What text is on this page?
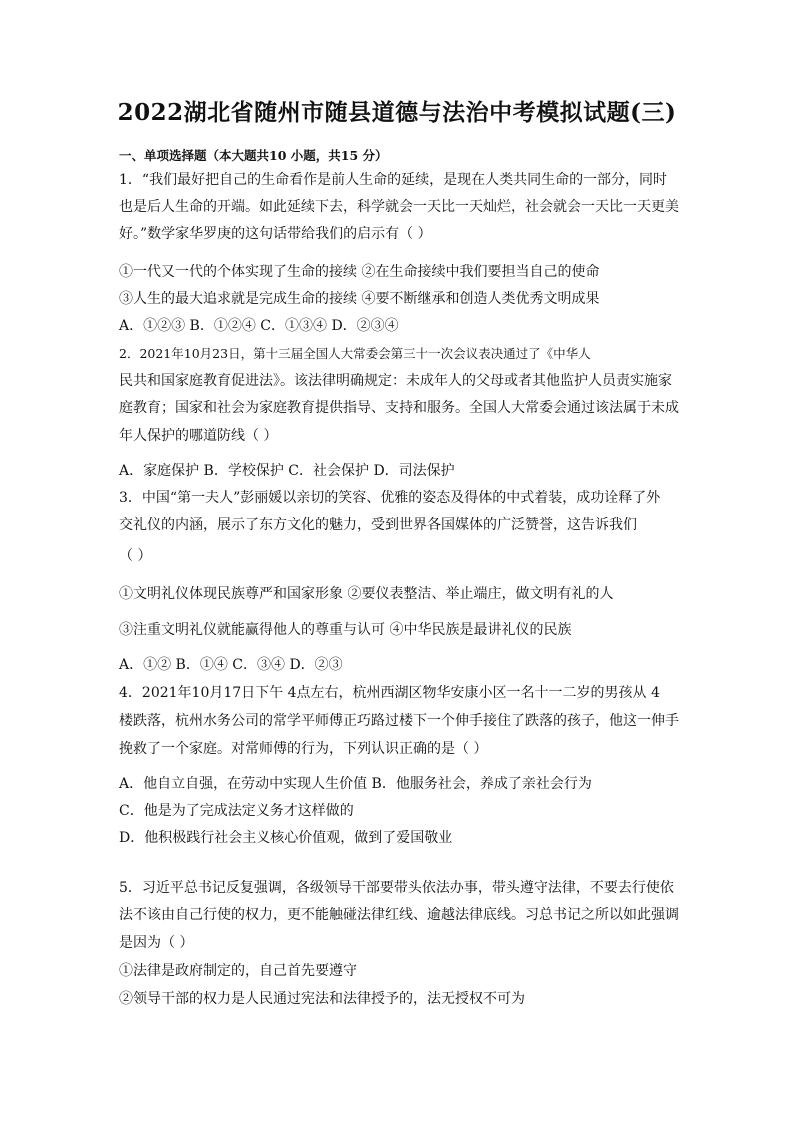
2022湖北省随州市随县道德与法治中考模拟试题(三)
一、单项选择题（本大题共10 小题，共15 分）
1．“我们最好把自己的生命看作是前人生命的延续，是现在人类共同生命的一部分，同时
也是后人生命的开端。如此延续下去，科学就会一天比一天灿烂，社会就会一天比一天更美
好。”数学家华罗庚的这句话带给我们的启示有（ ）
①一代又一代的个体实现了生命的接续 ②在生命接续中我们要担当自己的使命
③人生的最大追求就是完成生命的接续 ④要不断继承和创造人类优秀文明成果
A．①②③ B．①②④ C．①③④ D．②③④
2．2021年10月23日，第十三届全国人大常委会第三十一次会议表决通过了《中华人
民共和国家庭教育促进法》。该法律明确规定：未成年人的父母或者其他监护人员责实施家
庭教育；国家和社会为家庭教育提供指导、支持和服务。全国人大常委会通过该法属于未成
年人保护的哪道防线（ ）
A．家庭保护 B．学校保护 C．社会保护 D．司法保护
3．中国“第一夫人”彭丽媛以亲切的笑容、优雅的姿态及得体的中式着装，成功诠释了外
交礼仪的内涵，展示了东方文化的魅力，受到世界各国媒体的广泛赞誉，这告诉我们
（ ）
①文明礼仪体现民族尊严和国家形象 ②要仪表整洁、举止端庄，做文明有礼的人
③注重文明礼仪就能赢得他人的尊重与认可 ④中华民族是最讲礼仪的民族
A．①② B．①④ C．③④ D．②③
4．2021年10月17日下午 4点左右，杭州西湖区物华安康小区一名十一二岁的男孩从 4
楼跌落，杭州水务公司的常学平师傅正巧路过楼下一个伸手接住了跌落的孩子，他这一伸手
挽救了一个家庭。对常师傅的行为，下列认识正确的是（ ）
A．他自立自强，在劳动中实现人生价值 B．他服务社会，养成了亲社会行为
C．他是为了完成法定义务才这样做的
D．他积极践行社会主义核心价值观，做到了爱国敬业
5．习近平总书记反复强调，各级领导干部要带头依法办事，带头遵守法律，不要去行使依
法不该由自己行使的权力，更不能触碰法律红线、逾越法律底线。习总书记之所以如此强调
是因为（ ）
①法律是政府制定的，自己首先要遵守
②领导干部的权力是人民通过宪法和法律授予的，法无授权不可为
